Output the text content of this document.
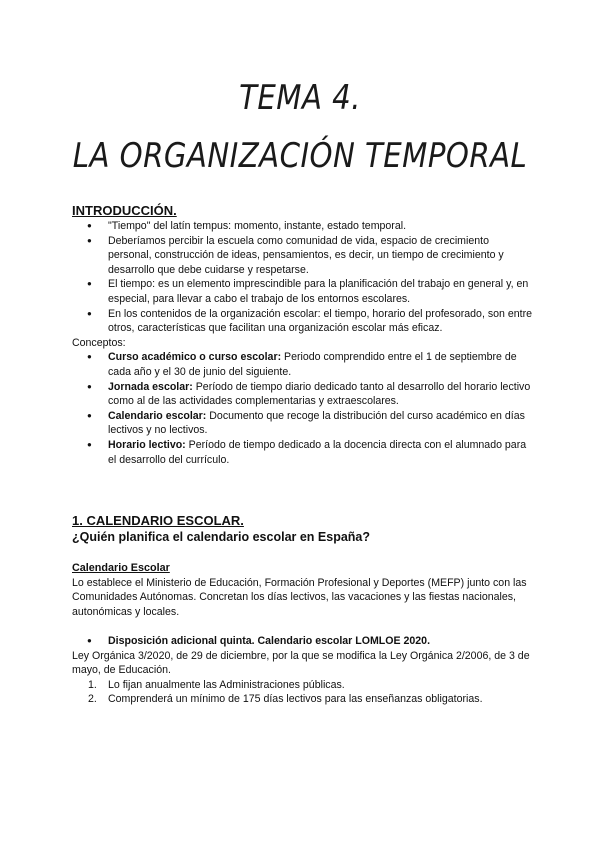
TEMA 4.
LA ORGANIZACIÓN TEMPORAL
INTRODUCCIÓN.
● "Tiempo" del latín tempus: momento, instante, estado temporal.
● Deberíamos percibir la escuela como comunidad de vida, espacio de crecimiento personal, construcción de ideas, pensamientos, es decir, un tiempo de crecimiento y desarrollo que debe cuidarse y respetarse.
● El tiempo: es un elemento imprescindible para la planificación del trabajo en general y, en especial, para llevar a cabo el trabajo de los entornos escolares.
● En los contenidos de la organización escolar: el tiempo, horario del profesorado, son entre otros, características que facilitan una organización escolar más eficaz.

Conceptos:

● Curso académico o curso escolar: Periodo comprendido entre el 1 de septiembre de cada año y el 30 de junio del siguiente.
● Jornada escolar: Período de tiempo diario dedicado tanto al desarrollo del horario lectivo como al de las actividades complementarias y extraescolares.
● Calendario escolar: Documento que recoge la distribución del curso académico en días lectivos y no lectivos.
● Horario lectivo: Período de tiempo dedicado a la docencia directa con el alumnado para el desarrollo del currículo.
1. CALENDARIO ESCOLAR.
¿Quién planifica el calendario escolar en España?
Calendario Escolar

Lo establece el Ministerio de Educación, Formación Profesional y Deportes (MEFP) junto con las Comunidades Autónomas. Concretan los días lectivos, las vacaciones y las fiestas nacionales, autonómicas y locales.

● Disposición adicional quinta. Calendario escolar LOMLOE 2020.

Ley Orgánica 3/2020, de 29 de diciembre, por la que se modifica la Ley Orgánica 2/2006, de 3 de mayo, de Educación.

1. Lo fijan anualmente las Administraciones públicas.
2. Comprenderá un mínimo de 175 días lectivos para las enseñanzas obligatorias.
